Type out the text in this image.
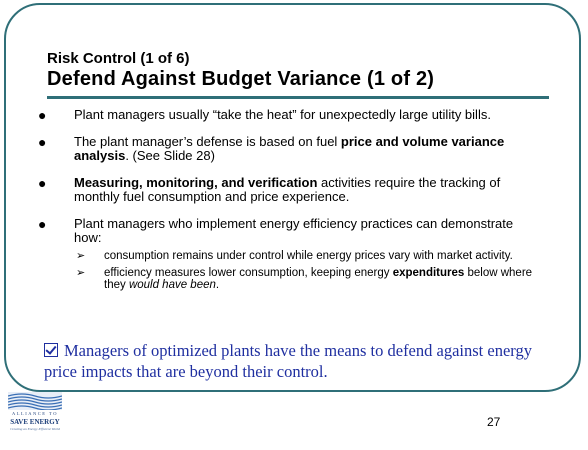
Risk Control (1 of 6)
Defend Against Budget Variance (1 of 2)
● Plant managers usually “take the heat” for unexpectedly large utility bills.
● The plant manager’s defense is based on fuel price and volume variance analysis. (See Slide 28)
● Measuring, monitoring, and verification activities require the tracking of monthly fuel consumption and price experience.
● Plant managers who implement energy efficiency practices can demonstrate how:
➢ consumption remains under control while energy prices vary with market activity.
➢ efficiency measures lower consumption, keeping energy expenditures below where they would have been.
Managers of optimized plants have the means to defend against energy price impacts that are beyond their control.
ALLIANCE TO
SAVE ENERGY
Creating an Energy-Efficient World	27
